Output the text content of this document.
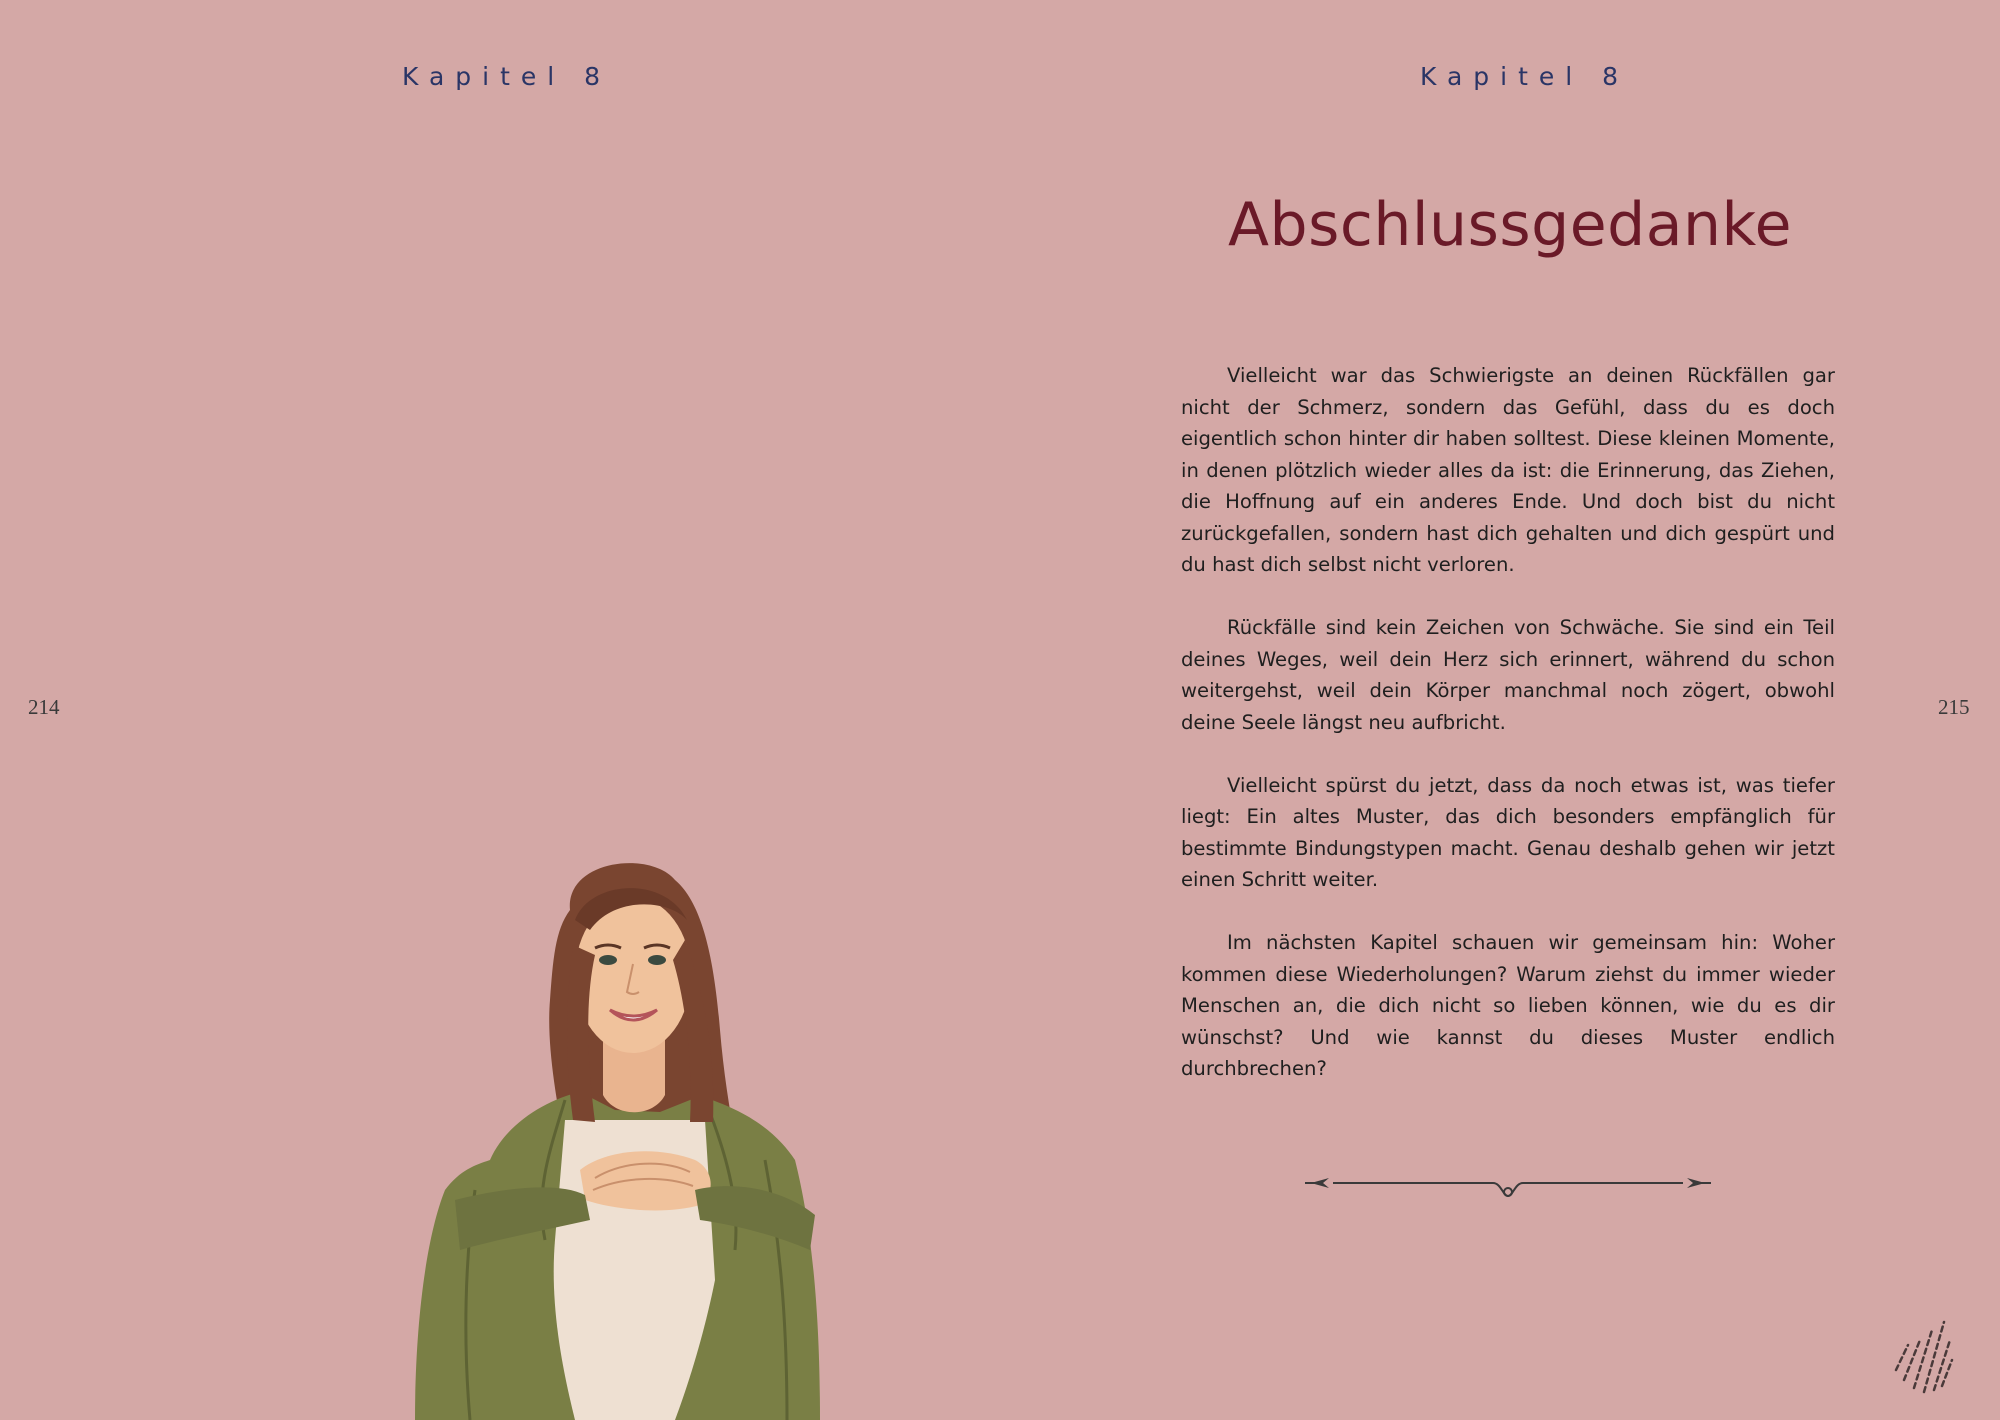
Kapitel 8
214
Kapitel 8
215
Abschlussgedanke

Vielleicht war das Schwierigste an deinen Rückfällen gar nicht der Schmerz, sondern das Gefühl, dass du es doch eigentlich schon hinter dir haben solltest. Diese kleinen Momente, in denen plötzlich wieder alles da ist: die Erinnerung, das Ziehen, die Hoffnung auf ein anderes Ende. Und doch bist du nicht zurückgefallen, sondern hast dich gehalten und dich gespürt und du hast dich selbst nicht verloren.

Rückfälle sind kein Zeichen von Schwäche. Sie sind ein Teil deines Weges, weil dein Herz sich erinnert, während du schon weitergehst, weil dein Körper manchmal noch zögert, obwohl deine Seele längst neu aufbricht.

Vielleicht spürst du jetzt, dass da noch etwas ist, was tiefer liegt: Ein altes Muster, das dich besonders empfänglich für bestimmte Bindungstypen macht. Genau deshalb gehen wir jetzt einen Schritt weiter.

Im nächsten Kapitel schauen wir gemeinsam hin: Woher kommen diese Wiederholungen? Warum ziehst du immer wieder Menschen an, die dich nicht so lieben können, wie du es dir wünschst? Und wie kannst du dieses Muster endlich durchbrechen?
